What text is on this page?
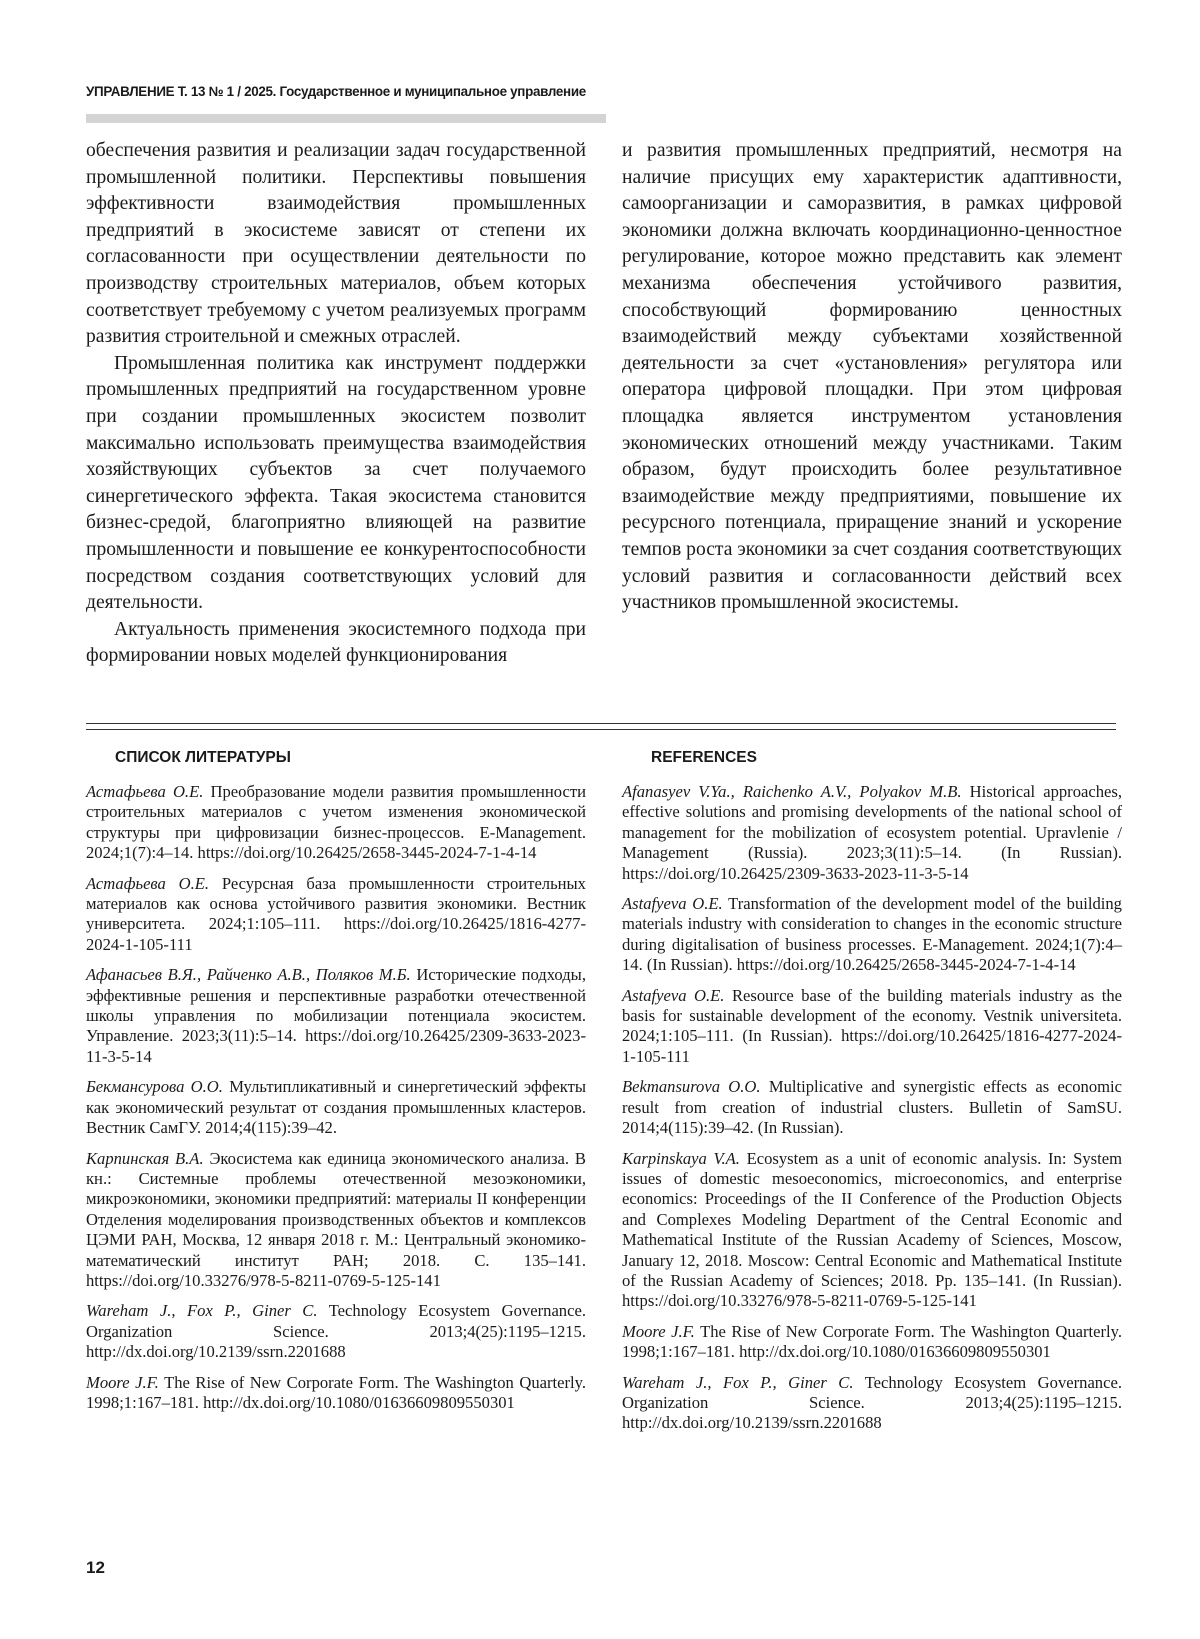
УПРАВЛЕНИЕ Т. 13 № 1 / 2025. Государственное и муниципальное управление

обеспечения развития и реализации задач государственной промышленной политики. Перспективы повышения эффективности взаимодействия промышленных предприятий в экосистеме зависят от степени их согласованности при осуществлении деятельности по производству строительных материалов, объем которых соответствует требуемому с учетом реализуемых программ развития строительной и смежных отраслей.

Промышленная политика как инструмент поддержки промышленных предприятий на государственном уровне при создании промышленных экосистем позволит максимально использовать преимущества взаимодействия хозяйствующих субъектов за счет получаемого синергетического эффекта. Такая экосистема становится бизнес-средой, благоприятно влияющей на развитие промышленности и повышение ее конкурентоспособности посредством создания соответствующих условий для деятельности.

Актуальность применения экосистемного подхода при формировании новых моделей функционирования

и развития промышленных предприятий, несмотря на наличие присущих ему характеристик адаптивности, самоорганизации и саморазвития, в рамках цифровой экономики должна включать координационно-ценностное регулирование, которое можно представить как элемент механизма обеспечения устойчивого развития, способствующий формированию ценностных взаимодействий между субъектами хозяйственной деятельности за счет «установления» регулятора или оператора цифровой площадки. При этом цифровая площадка является инструментом установления экономических отношений между участниками. Таким образом, будут происходить более результативное взаимодействие между предприятиями, повышение их ресурсного потенциала, приращение знаний и ускорение темпов роста экономики за счет создания соответствующих условий развития и согласованности действий всех участников промышленной экосистемы.

СПИСОК ЛИТЕРАТУРЫ	REFERENCES

Астафьева О.Е. Преобразование модели развития промышленности строительных материалов с учетом изменения экономической структуры при цифровизации бизнес-процессов. E-Management. 2024;1(7):4–14. https://doi.org/10.26425/2658-3445-2024-7-1-4-14

Астафьева О.Е. Ресурсная база промышленности строительных материалов как основа устойчивого развития экономики. Вестник университета. 2024;1:105–111. https://doi.org/10.26425/1816-4277-2024-1-105-111

Афанасьев В.Я., Райченко А.В., Поляков М.Б. Исторические подходы, эффективные решения и перспективные разработки отечественной школы управления по мобилизации потенциала экосистем. Управление. 2023;3(11):5–14. https://doi.org/10.26425/2309-3633-2023-11-3-5-14

Бекмансурова О.О. Мультипликативный и синергетический эффекты как экономический результат от создания промышленных кластеров. Вестник СамГУ. 2014;4(115):39–42.

Карпинская В.А. Экосистема как единица экономического анализа. В кн.: Системные проблемы отечественной мезоэкономики, микроэкономики, экономики предприятий: материалы II конференции Отделения моделирования производственных объектов и комплексов ЦЭМИ РАН, Москва, 12 января 2018 г. М.: Центральный экономико-математический институт РАН; 2018. С. 135–141. https://doi.org/10.33276/978-5-8211-0769-5-125-141

Wareham J., Fox P., Giner C. Technology Ecosystem Governance. Organization Science. 2013;4(25):1195–1215. http://dx.doi.org/10.2139/ssrn.2201688

Moore J.F. The Rise of New Corporate Form. The Washington Quarterly. 1998;1:167–181. http://dx.doi.org/10.1080/01636609809550301

Afanasyev V.Ya., Raichenko A.V., Polyakov M.B. Historical approaches, effective solutions and promising developments of the national school of management for the mobilization of ecosystem potential. Upravlenie / Management (Russia). 2023;3(11):5–14. (In Russian). https://doi.org/10.26425/2309-3633-2023-11-3-5-14

Astafyeva O.E. Transformation of the development model of the building materials industry with consideration to changes in the economic structure during digitalisation of business processes. E-Management. 2024;1(7):4–14. (In Russian). https://doi.org/10.26425/2658-3445-2024-7-1-4-14

Astafyeva O.E. Resource base of the building materials industry as the basis for sustainable development of the economy. Vestnik universiteta. 2024;1:105–111. (In Russian). https://doi.org/10.26425/1816-4277-2024-1-105-111

Bekmansurova O.O. Multiplicative and synergistic effects as economic result from creation of industrial clusters. Bulletin of SamSU. 2014;4(115):39–42. (In Russian).

Karpinskaya V.A. Ecosystem as a unit of economic analysis. In: System issues of domestic mesoeconomics, microeconomics, and enterprise economics: Proceedings of the II Conference of the Production Objects and Complexes Modeling Department of the Central Economic and Mathematical Institute of the Russian Academy of Sciences, Moscow, January 12, 2018. Moscow: Central Economic and Mathematical Institute of the Russian Academy of Sciences; 2018. Pp. 135–141. (In Russian). https://doi.org/10.33276/978-5-8211-0769-5-125-141

Moore J.F. The Rise of New Corporate Form. The Washington Quarterly. 1998;1:167–181. http://dx.doi.org/10.1080/01636609809550301

Wareham J., Fox P., Giner C. Technology Ecosystem Governance. Organization Science. 2013;4(25):1195–1215. http://dx.doi.org/10.2139/ssrn.2201688

12
